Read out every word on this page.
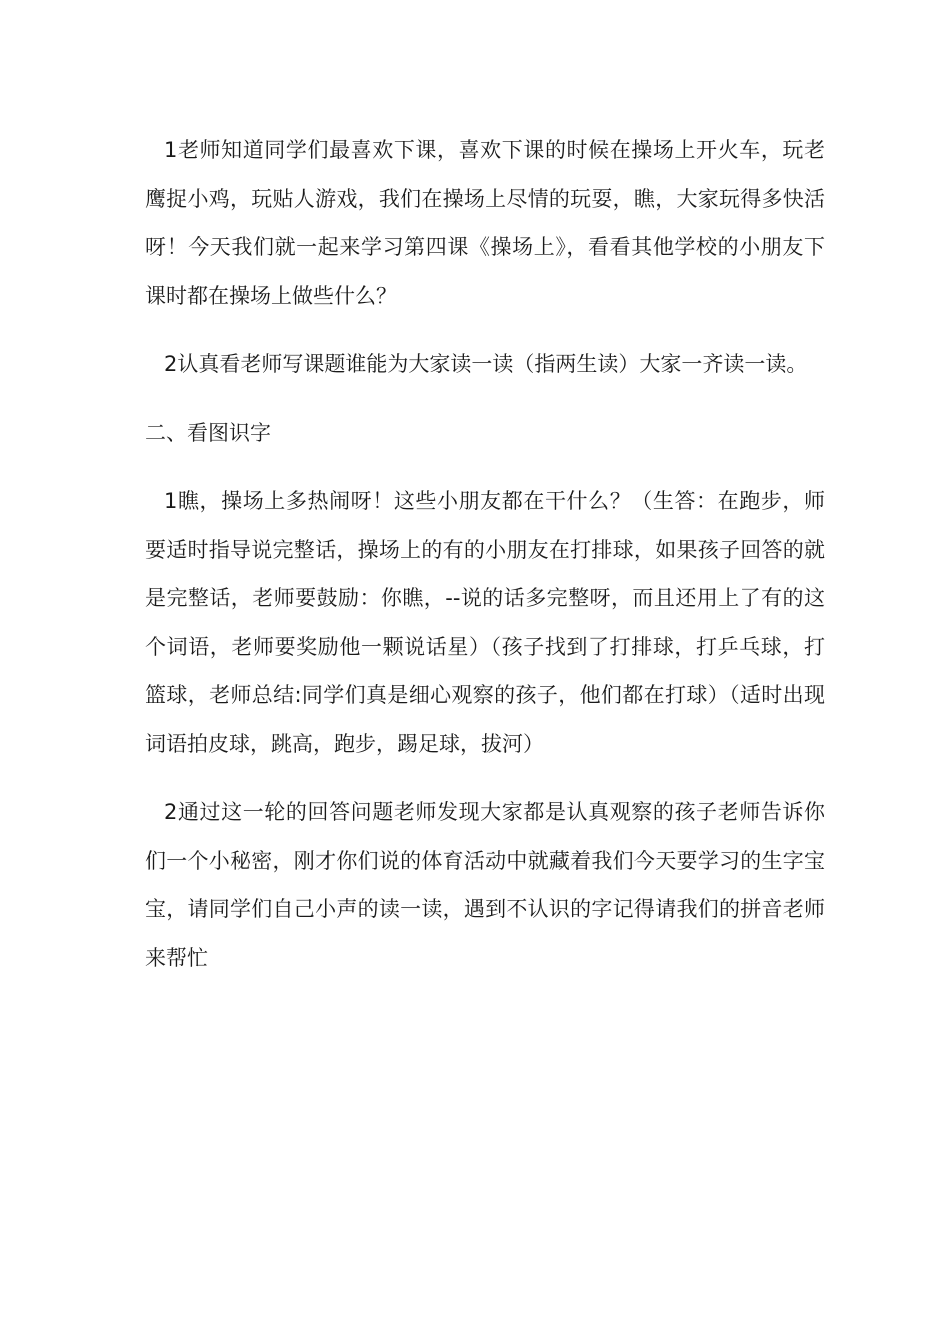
1老师知道同学们最喜欢下课，喜欢下课的时候在操场上开火车，玩老鹰捉小鸡，玩贴人游戏，我们在操场上尽情的玩耍，瞧，大家玩得多快活呀！今天我们就一起来学习第四课《操场上》，看看其他学校的小朋友下课时都在操场上做些什么？

2认真看老师写课题谁能为大家读一读（指两生读）大家一齐读一读。

二、看图识字

1瞧，操场上多热闹呀！这些小朋友都在干什么？（生答：在跑步，师要适时指导说完整话，操场上的有的小朋友在打排球，如果孩子回答的就是完整话，老师要鼓励：你瞧，--说的话多完整呀，而且还用上了有的这个词语，老师要奖励他一颗说话星）（孩子找到了打排球，打乒乓球，打篮球，老师总结:同学们真是细心观察的孩子，他们都在打球）（适时出现词语拍皮球，跳高，跑步，踢足球，拔河）

2通过这一轮的回答问题老师发现大家都是认真观察的孩子老师告诉你们一个小秘密，刚才你们说的体育活动中就藏着我们今天要学习的生字宝宝，请同学们自己小声的读一读，遇到不认识的字记得请我们的拼音老师来帮忙
